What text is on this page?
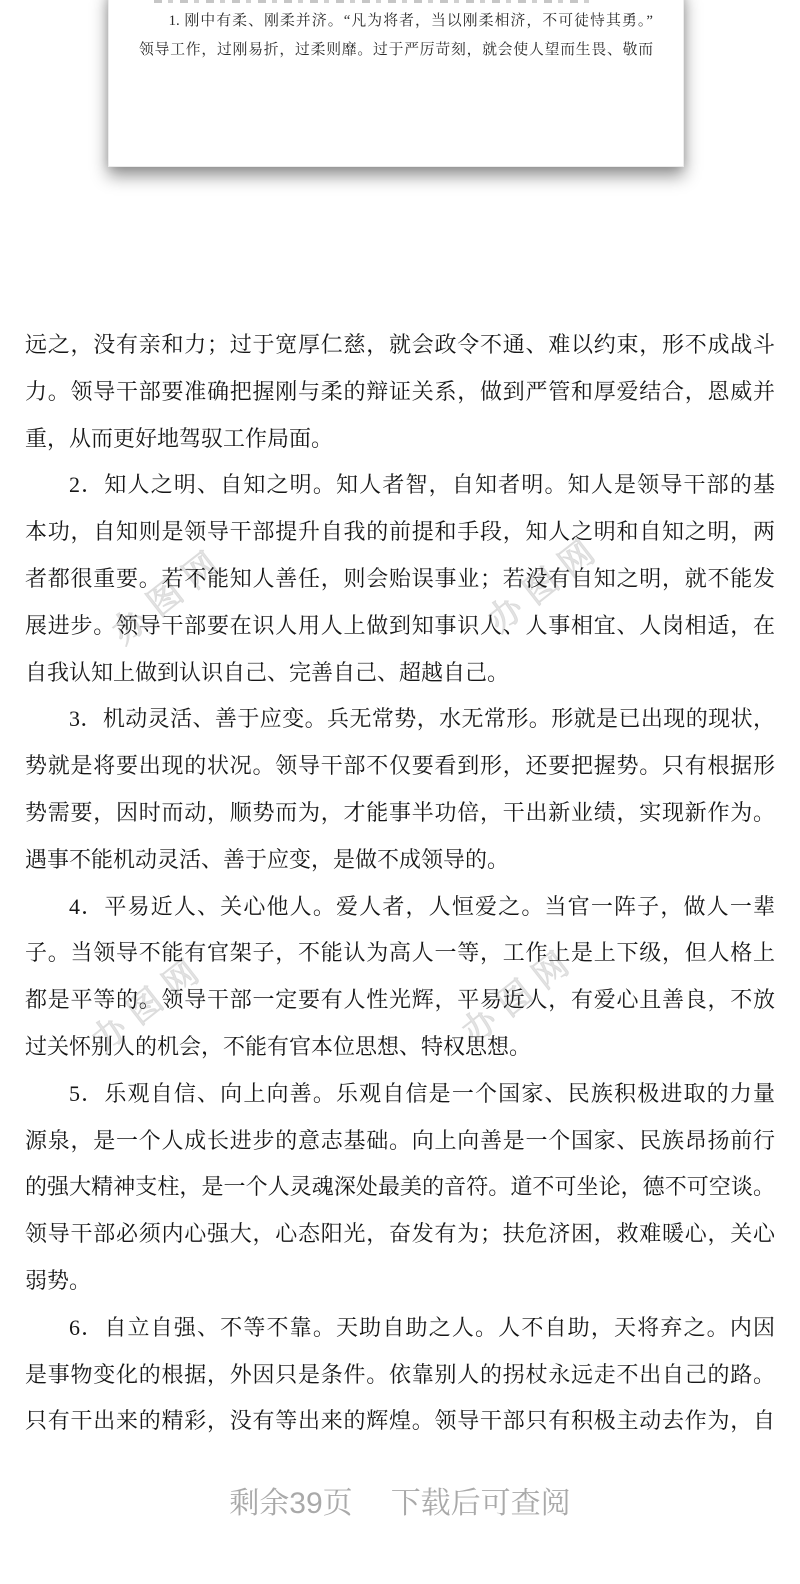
办图网	办图网
办图网	办图网
1. 刚中有柔、刚柔并济。“凡为将者，当以刚柔相济，不可徒恃其勇。”
领导工作，过刚易折，过柔则靡。过于严厉苛刻，就会使人望而生畏、敬而
远之，没有亲和力；过于宽厚仁慈，就会政令不通、难以约束，形不成战斗
力。领导干部要准确把握刚与柔的辩证关系，做到严管和厚爱结合，恩威并
重，从而更好地驾驭工作局面。
2．知人之明、自知之明。知人者智，自知者明。知人是领导干部的基
本功，自知则是领导干部提升自我的前提和手段，知人之明和自知之明，两
者都很重要。若不能知人善任，则会贻误事业；若没有自知之明，就不能发
展进步。领导干部要在识人用人上做到知事识人、人事相宜、人岗相适，在
自我认知上做到认识自己、完善自己、超越自己。
3．机动灵活、善于应变。兵无常势，水无常形。形就是已出现的现状，
势就是将要出现的状况。领导干部不仅要看到形，还要把握势。只有根据形
势需要，因时而动，顺势而为，才能事半功倍，干出新业绩，实现新作为。
遇事不能机动灵活、善于应变，是做不成领导的。
4．平易近人、关心他人。爱人者，人恒爱之。当官一阵子，做人一辈
子。当领导不能有官架子，不能认为高人一等，工作上是上下级，但人格上
都是平等的。领导干部一定要有人性光辉，平易近人，有爱心且善良，不放
过关怀别人的机会，不能有官本位思想、特权思想。
5．乐观自信、向上向善。乐观自信是一个国家、民族积极进取的力量
源泉，是一个人成长进步的意志基础。向上向善是一个国家、民族昂扬前行
的强大精神支柱，是一个人灵魂深处最美的音符。道不可坐论，德不可空谈。
领导干部必须内心强大，心态阳光，奋发有为；扶危济困，救难暖心，关心
弱势。
6．自立自强、不等不靠。天助自助之人。人不自助，天将弃之。内因
是事物变化的根据，外因只是条件。依靠别人的拐杖永远走不出自己的路。
只有干出来的精彩，没有等出来的辉煌。领导干部只有积极主动去作为，自
剩余39页 下载后可查阅
